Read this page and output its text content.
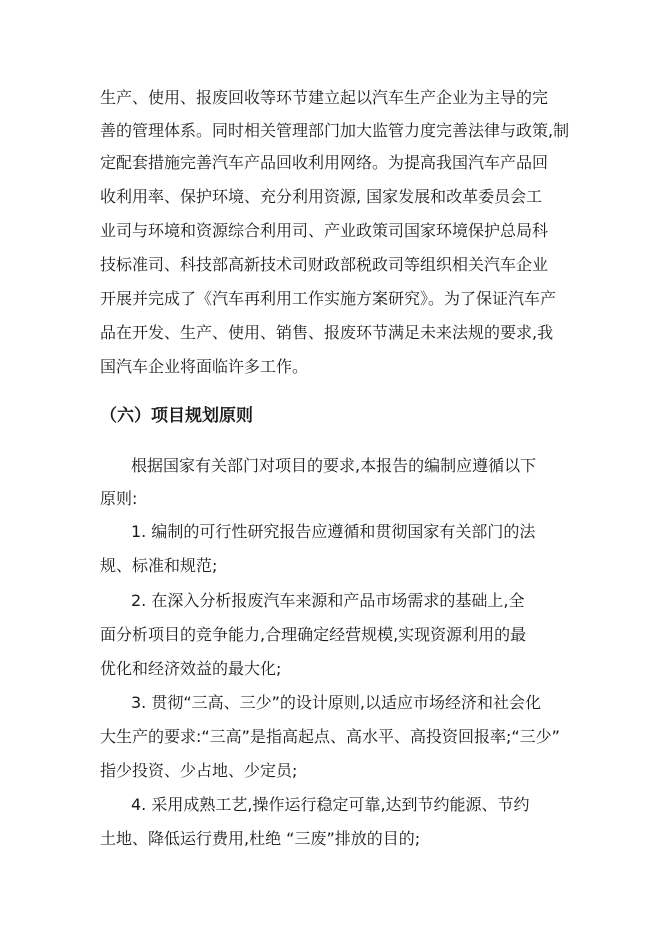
生产、使用、报废回收等环节建立起以汽车生产企业为主导的完
善的管理体系。同时相关管理部门加大监管力度完善法律与政策,制
定配套措施完善汽车产品回收利用网络。为提高我国汽车产品回
收利用率、保护环境、充分利用资源, 国家发展和改革委员会工
业司与环境和资源综合利用司、产业政策司国家环境保护总局科
技标准司、科技部高新技术司财政部税政司等组织相关汽车企业
开展并完成了《汽车再利用工作实施方案研究》。为了保证汽车产
品在开发、生产、使用、销售、报废环节满足未来法规的要求,我
国汽车企业将面临许多工作。
（六）项目规划原则
根据国家有关部门对项目的要求,本报告的编制应遵循以下
原则:
1. 编制的可行性研究报告应遵循和贯彻国家有关部门的法
规、标准和规范;
2. 在深入分析报废汽车来源和产品市场需求的基础上,全
面分析项目的竞争能力,合理确定经营规模,实现资源利用的最
优化和经济效益的最大化;
3. 贯彻“三高、三少”的设计原则,以适应市场经济和社会化
大生产的要求:“三高”是指高起点、高水平、高投资回报率;“三少”
指少投资、少占地、少定员;
4. 采用成熟工艺,操作运行稳定可靠,达到节约能源、节约
土地、降低运行费用,杜绝 “三废”排放的目的;
